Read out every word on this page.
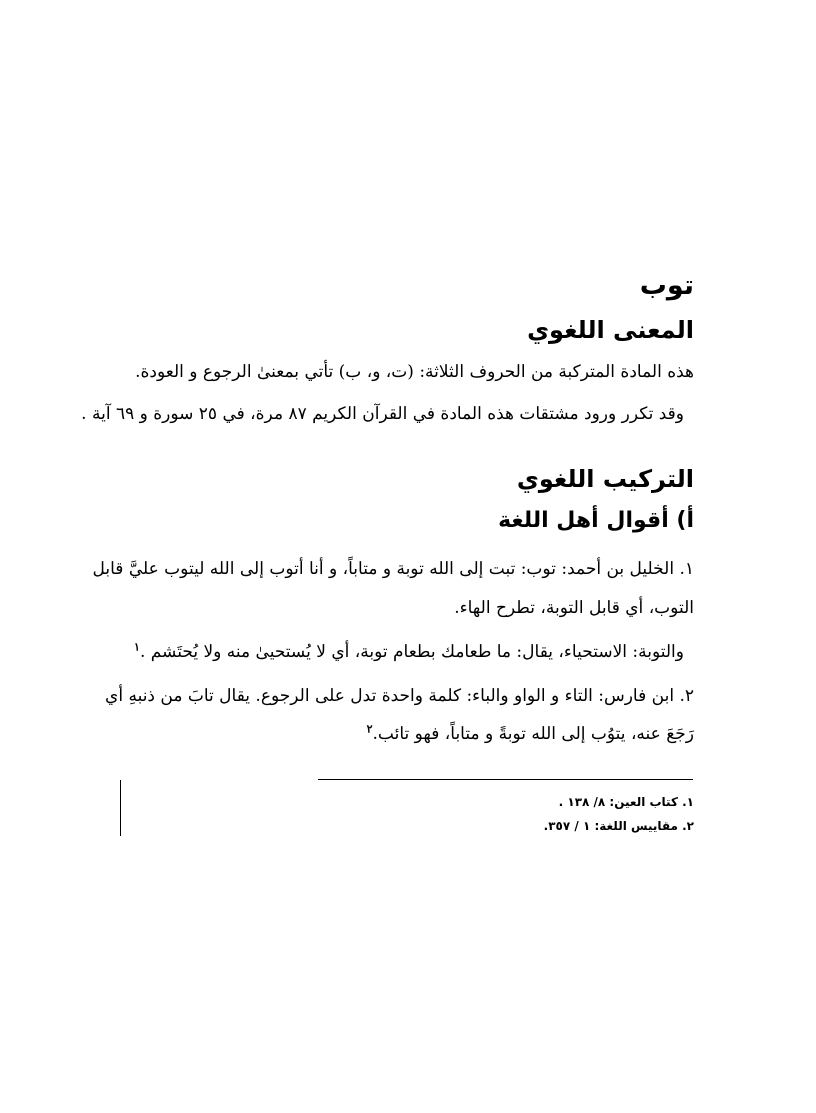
توب
المعنى اللغوي
هذه المادة المتركبة من الحروف الثلاثة: (ت، و، ب) تأتي بمعنىٰ الرجوع و العودة.
وقد تكرر ورود مشتقات هذه المادة في القرآن الكريم ٨٧ مرة، في ٢٥ سورة و ٦٩ آية .
التركيب اللغوي
أ) أقوال أهل اللغة
١. الخليل بن أحمد: توب: تبت إلى الله توبة و متاباً، و أنا أتوب إلى الله ليتوب عليَّ قابل
التوب، أي قابل التوبة، تطرح الهاء.
والتوبة: الاستحياء، يقال: ما طعامك بطعام توبة، أي لا يُستحيىٰ منه ولا يُحتَشم .$^١$
٢. ابن فارس: التاء و الواو والباء: كلمة واحدة تدل على الرجوع. يقال تابَ من ذنبهِ أي
رَجَعَ عنه، يتوُب إلى الله توبةً و متاباً، فهو تائب.$^٢$
١. كتاب العين: ٨/ ١٣٨ .
٢. مقاييس اللغة: ١ / ٣٥٧.
